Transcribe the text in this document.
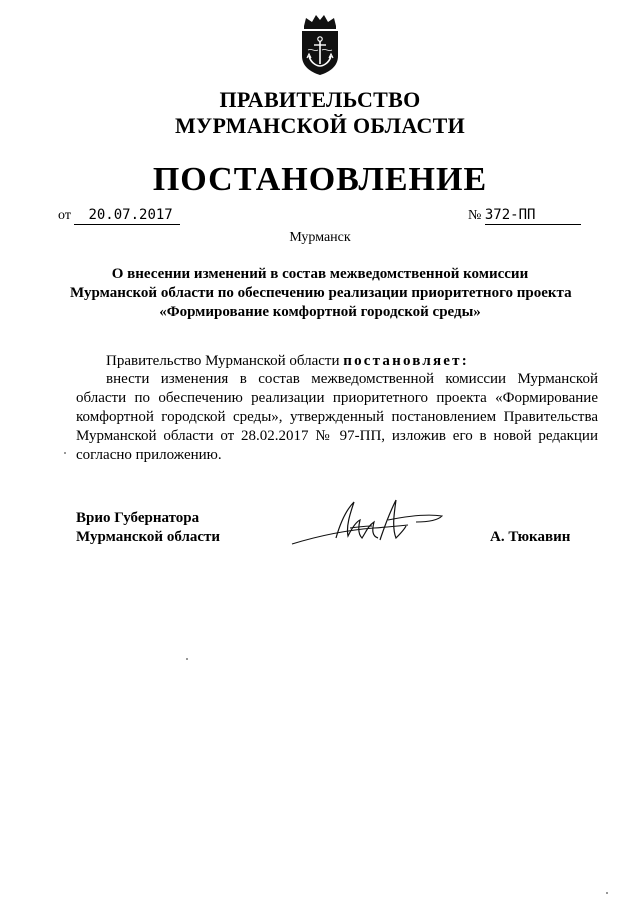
ПРАВИТЕЛЬСТВО
МУРМАНСКОЙ ОБЛАСТИ
ПОСТАНОВЛЕНИЕ
от 20.07.2017	№ 372-ПП
Мурманск
О внесении изменений в состав межведомственной комиссии
Мурманской области по обеспечению реализации приоритетного проекта
«Формирование комфортной городской среды»
Правительство Мурманской области постановляет:
внести изменения в состав межведомственной комиссии Мурманской
области по обеспечению реализации приоритетного проекта «Формирование
комфортной городской среды», утвержденный постановлением Правительства
Мурманской области от 28.02.2017 № 97-ПП, изложив его в новой редакции
согласно приложению.
Врио Губернатора
Мурманской области	А. Тюкавин
